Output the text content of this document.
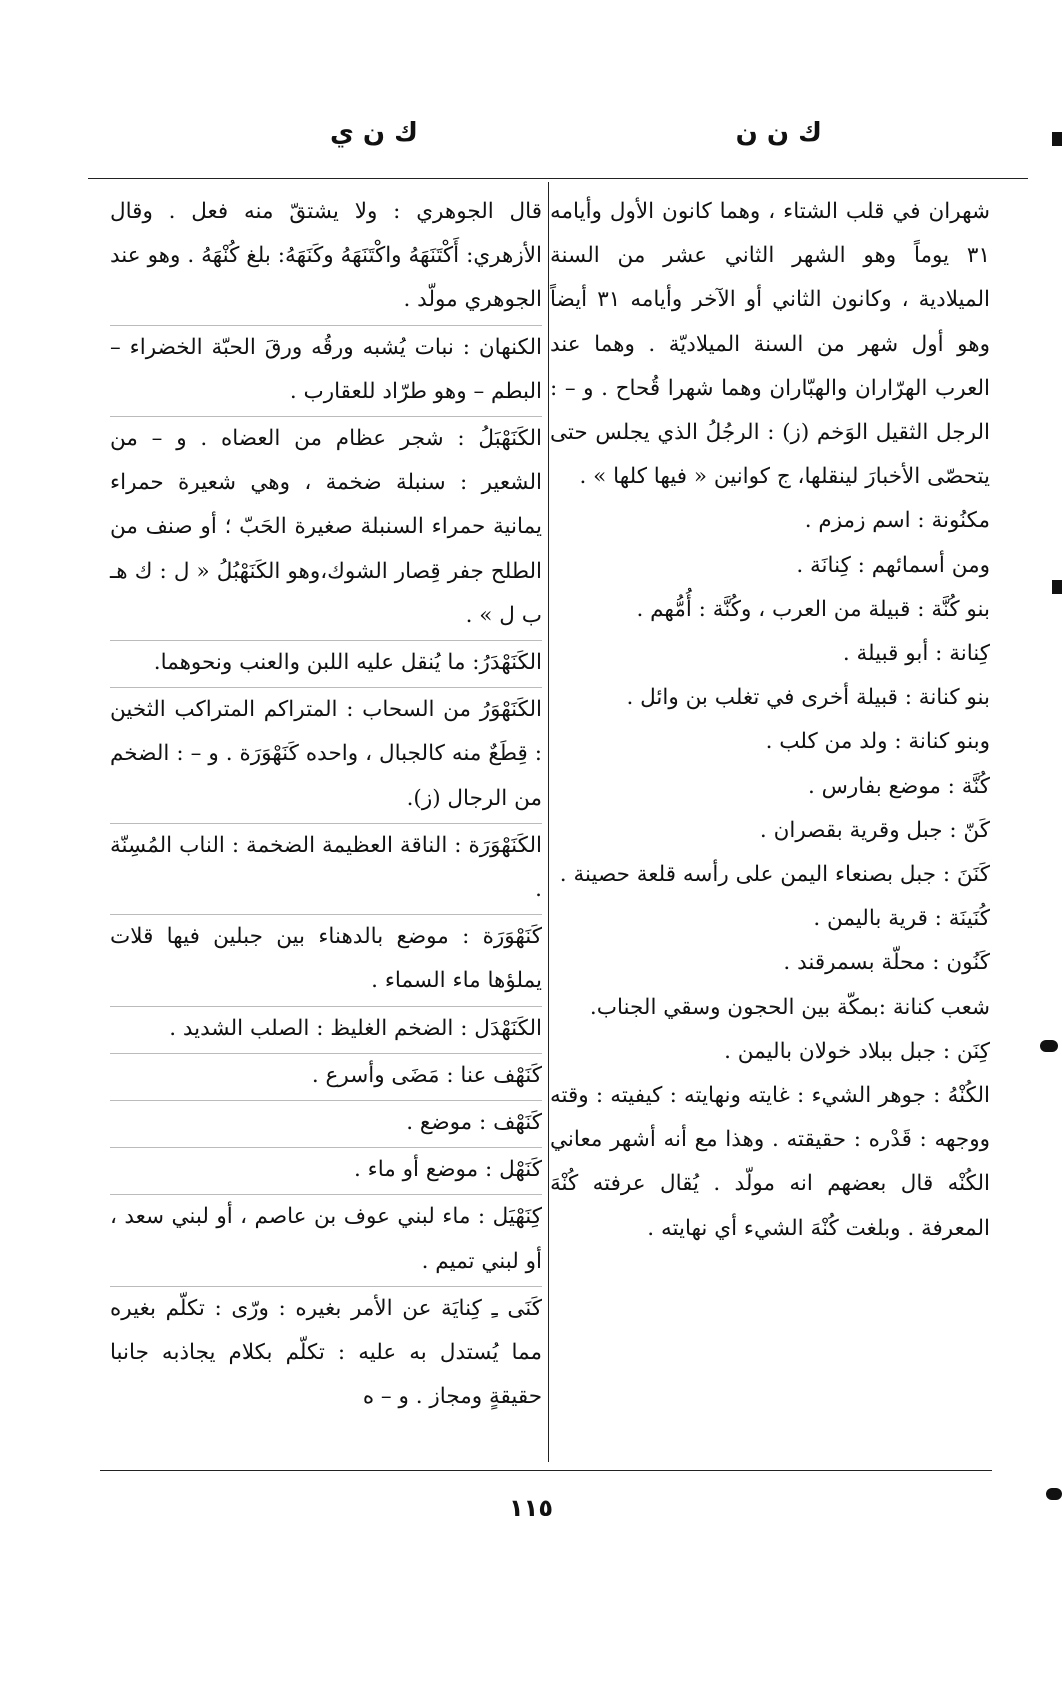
ك ن ن
ك ن ي

شهران في قلب الشتاء ، وهما كانون الأول وأيامه ٣١ يوماً وهو الشهر الثاني عشر من السنة الميلادية ، وكانون الثاني أو الآخر وأيامه ٣١ أيضاً وهو أول شهر من السنة الميلاديّة . وهما عند العرب الهرّاران والهبّاران وهما شهرا قُحاح . و – : الرجل الثقيل الوَخم (ز) : الرجُلُ الذي يجلس حتى يتحصّى الأخبارَ لينقلها، ج كوانين « فيها كلها » .

مكنُونة : اسم زمزم .

ومن أسمائهم : كِنانَة .

بنو كُنَّة : قبيلة من العرب ، وكُنَّة : أُمُّهم .

كِنانة : أبو قبيلة .

بنو كنانة : قبيلة أخرى في تغلب بن وائل .

وبنو كنانة : ولد من كلب .

كُنَّة : موضع بفارس .

كَنّ : جبل وقرية بقصران .

كَنَنَ : جبل بصنعاء اليمن على رأسه قلعة حصينة .

كُنَينَة : قرية باليمن .

كَنُون : محلّة بسمرقند .

شعب كنانة :بمكّة بين الحجون وسقي الجناب.

كِنَن : جبل ببلاد خولان باليمن .

الكُنْهُ : جوهر الشيء : غايته ونهايته : كيفيته : وقته ووجهه : قَدْره : حقيقته . وهذا مع أنه أشهر معاني الكُنْه قال بعضهم انه مولّد . يُقال عرفته كُنْهَ المعرفة . وبلغت كُنْهَ الشيء أي نهايته .

قال الجوهري : ولا يشتقّ منه فعل . وقال الأزهري: أَكْتَنَهَهُ واكْتَنَهَهُ وكَنَهَهُ: بلغ كُنْهَهُ . وهو عند الجوهري مولّد .

الكنهان : نبات يُشبه ورقُه ورقَ الحبّة الخضراء – البطم – وهو طرّاد للعقارب .

الكَنَهْبَلُ : شجر عظام من العضاه . و – من الشعير : سنبلة ضخمة ، وهي شعيرة حمراء يمانية حمراء السنبلة صغيرة الحَبّ ؛ أو صنف من الطلح جفر قِصار الشوك،وهو الكَنَهْبُلُ « ل : ك هـ ب ل » .

الكَنَهْدَرُ: ما يُنقل عليه اللبن والعنب ونحوهما.

الكَنَهْوَرُ من السحاب : المتراكم المتراكب الثخين : قِطَعٌ منه كالجبال ، واحده كَنَهْوَرَة . و – : الضخم من الرجال (ز).

الكَنَهْوَرَة : الناقة العظيمة الضخمة : الناب المُسِنّة .

كَنَهْوَرَة : موضع بالدهناء بين جبلين فيها قلات يملؤها ماء السماء .

الكَنَهْدَل : الضخم الغليظ : الصلب الشديد .

كَنَهْف عنا : مَضَى وأسرع .

كَنَهْف : موضع .

كَنَهْل : موضع أو ماء .

كِنَهْيَل : ماء لبني عوف بن عاصم ، أو لبني سعد ، أو لبني تميم .

كَنَى ـِ كِنايَة عن الأمر بغيره : ورّى : تكلّم بغيره مما يُستدل به عليه : تكلّم بكلام يجاذبه جانبا حقيقةٍ ومجاز . و – ه

١١٥
